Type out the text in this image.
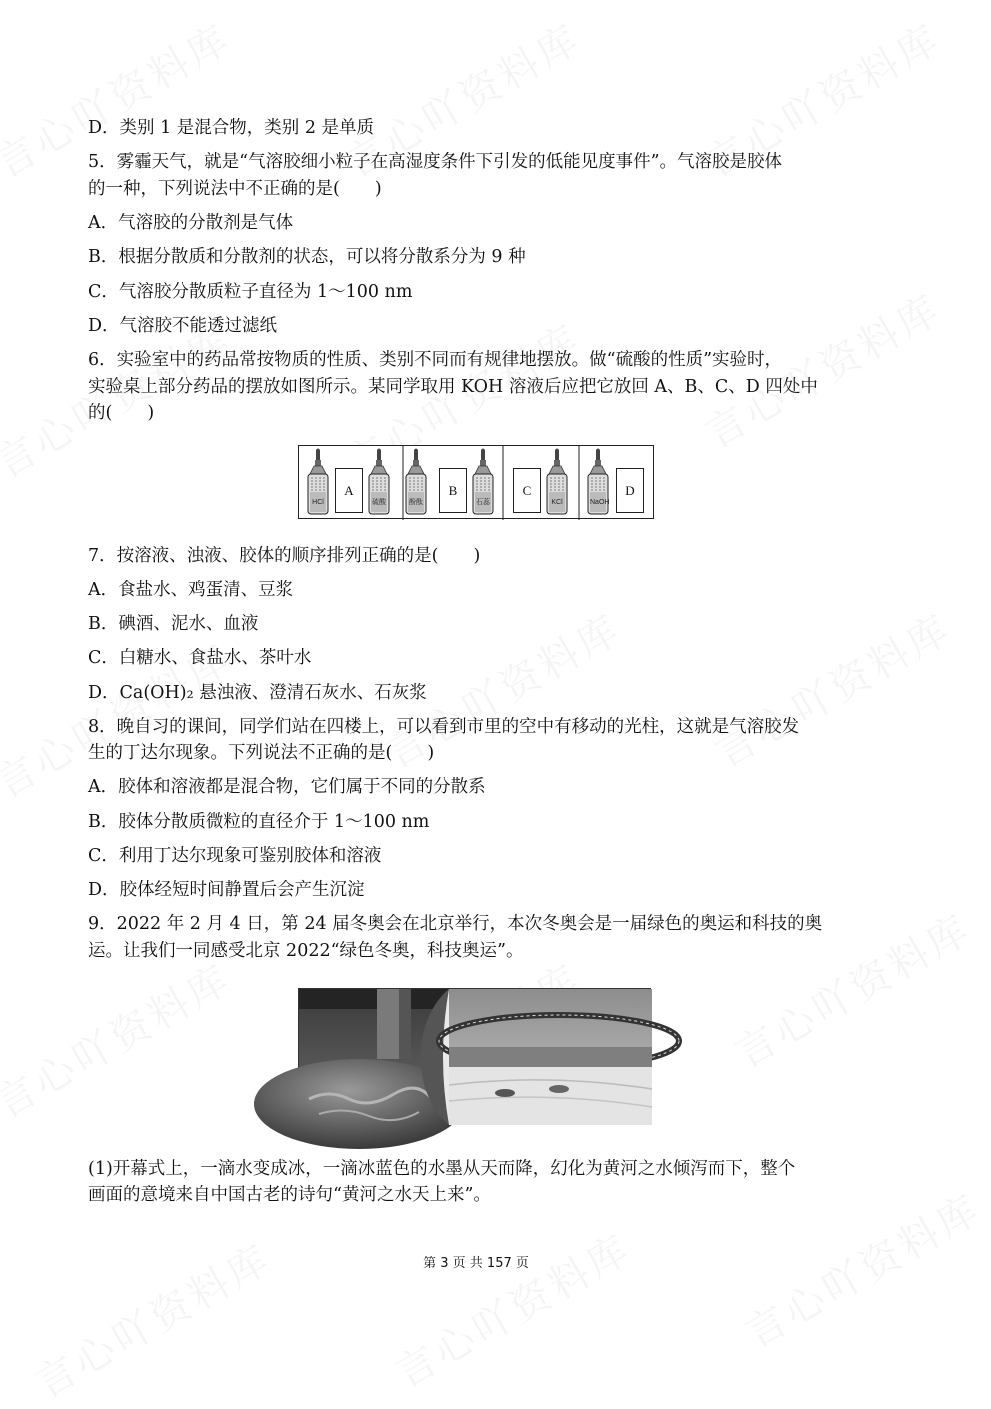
D．类别 1 是混合物，类别 2 是单质
5．雾霾天气，就是“气溶胶细小粒子在高湿度条件下引发的低能见度事件”。气溶胶是胶体
的一种，下列说法中不正确的是(　　)
A．气溶胶的分散剂是气体
B．根据分散质和分散剂的状态，可以将分散系分为 9 种
C．气溶胶分散质粒子直径为 1～100 nm
D．气溶胶不能透过滤纸
6．实验室中的药品常按物质的性质、类别不同而有规律地摆放。做“硫酸的性质”实验时，
实验桌上部分药品的摆放如图所示。某同学取用 KOH 溶液后应把它放回 A、B、C、D 四处中
的(　　)
7．按溶液、浊液、胶体的顺序排列正确的是(　　)
A．食盐水、鸡蛋清、豆浆
B．碘酒、泥水、血液
C．白糖水、食盐水、茶叶水
D．Ca(OH)₂ 悬浊液、澄清石灰水、石灰浆
8．晚自习的课间，同学们站在四楼上，可以看到市里的空中有移动的光柱，这就是气溶胶发
生的丁达尔现象。下列说法不正确的是(　　)
A．胶体和溶液都是混合物，它们属于不同的分散系
B．胶体分散质微粒的直径介于 1～100 nm
C．利用丁达尔现象可鉴别胶体和溶液
D．胶体经短时间静置后会产生沉淀
9．2022 年 2 月 4 日，第 24 届冬奥会在北京举行，本次冬奥会是一届绿色的奥运和科技的奥
运。让我们一同感受北京 2022“绿色冬奥，科技奥运”。
(1)开幕式上，一滴水变成冰，一滴冰蓝色的水墨从天而降，幻化为黄河之水倾泻而下，整个
画面的意境来自中国古老的诗句“黄河之水天上来”。
A	B	C	D
HCl	硫酸	酚酞	石蕊	KCl	NaOH
第 3 页 共 157 页
